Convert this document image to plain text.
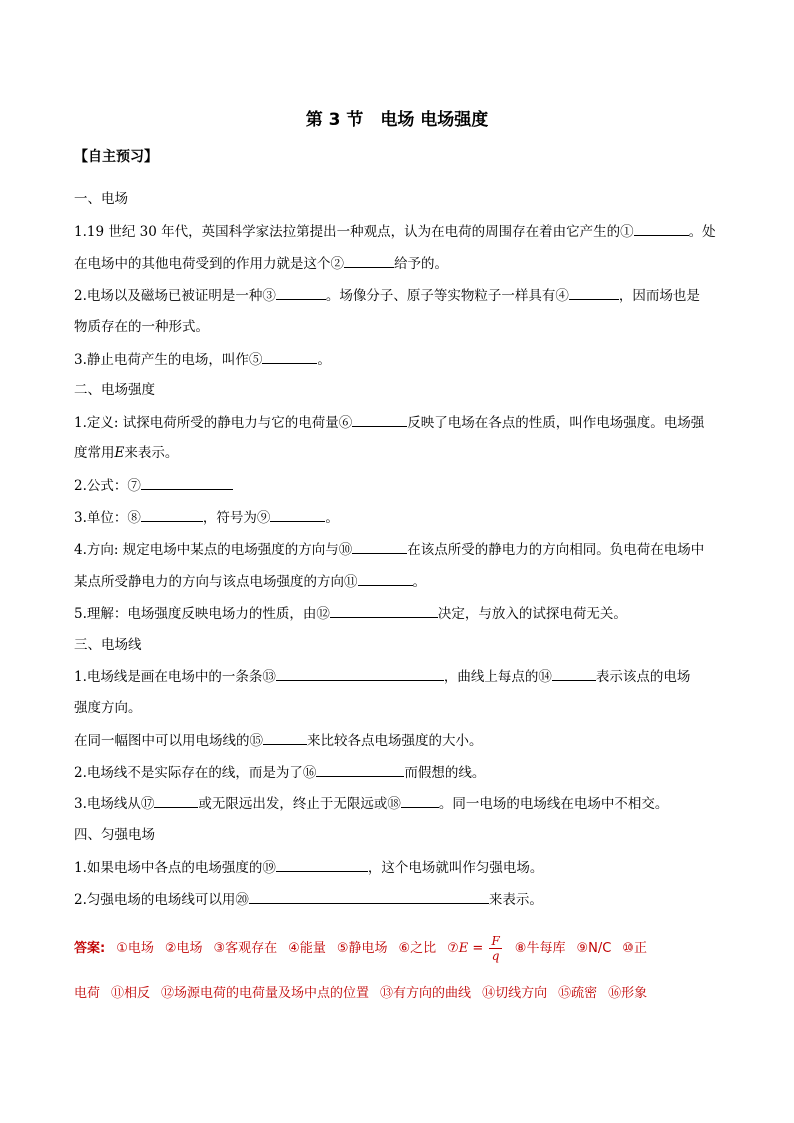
第 3 节　电场 电场强度
【自主预习】
一、电场
1.19 世纪 30 年代，英国科学家法拉第提出一种观点，认为在电荷的周围存在着由它产生的①	。处
在电场中的其他电荷受到的作用力就是这个②	给予的。
2.电场以及磁场已被证明是一种③	。场像分子、原子等实物粒子一样具有④	，因而场也是
物质存在的一种形式。
3.静止电荷产生的电场，叫作⑤	。
二、电场强度
1.定义: 试探电荷所受的静电力与它的电荷量⑥	反映了电场在各点的性质，叫作电场强度。电场强
度常用E来表示。
2.公式：⑦
3.单位：⑧	，符号为⑨	。
4.方向: 规定电场中某点的电场强度的方向与⑩	在该点所受的静电力的方向相同。负电荷在电场中
某点所受静电力的方向与该点电场强度的方向⑪	。
5.理解：电场强度反映电场力的性质，由⑫	决定，与放入的试探电荷无关。
三、电场线
1.电场线是画在电场中的一条条⑬	，曲线上每点的⑭	表示该点的电场
强度方向。
在同一幅图中可以用电场线的⑮	来比较各点电场强度的大小。
2.电场线不是实际存在的线，而是为了⑯	而假想的线。
3.电场线从⑰	或无限远出发，终止于无限远或⑱	。同一电场的电场线在电场中不相交。
四、匀强电场
1.如果电场中各点的电场强度的⑲	，这个电场就叫作匀强电场。
2.匀强电场的电场线可以用⑳	来表示。
答案: ①电场 ②电场 ③客观存在 ④能量 ⑤静电场 ⑥之比 ⑦E = $\frac{F}{q}$ ⑧牛每库 ⑨N/C ⑩正
电荷 ⑪相反 ⑫场源电荷的电荷量及场中点的位置 ⑬有方向的曲线 ⑭切线方向 ⑮疏密 ⑯形象
